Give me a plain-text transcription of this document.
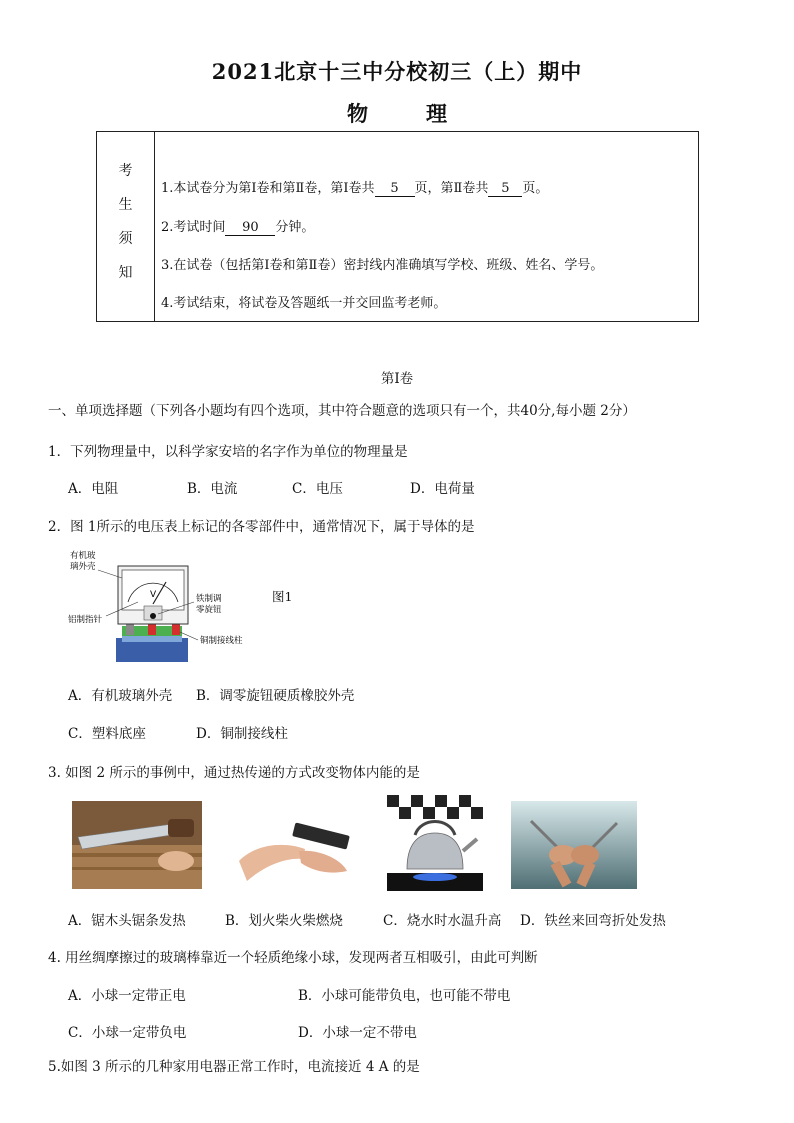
2021北京十三中分校初三（上）期中
物	理
考
生
须
知
1.本试卷分为第Ⅰ卷和第Ⅱ卷，第Ⅰ卷共 5 页，第Ⅱ卷共 5 页。
2.考试时间 90 分钟。
3.在试卷（包括第Ⅰ卷和第Ⅱ卷）密封线内准确填写学校、班级、姓名、学号。
4.考试结束，将试卷及答题纸一并交回监考老师。
第Ⅰ卷
一、单项选择题（下列各小题均有四个选项，其中符合题意的选项只有一个，共40分,每小题 2分）
1．下列物理量中，以科学家安培的名字作为单位的物理量是
A．电阻	B．电流	C．电压	D．电荷量
2．图 1所示的电压表上标记的各零部件中，通常情况下，属于导体的是
V
有机玻
璃外壳
铝制指针
铁制调
零旋钮
铜制接线柱
图1
A．有机玻璃外壳 B．调零旋钮硬质橡胶外壳
C．塑料底座	D．铜制接线柱
3. 如图 2 所示的事例中，通过热传递的方式改变物体内能的是
A．锯木头锯条发热	B．划火柴火柴燃烧	C．烧水时水温升高 D．铁丝来回弯折处发热
4. 用丝绸摩擦过的玻璃棒靠近一个轻质绝缘小球，发现两者互相吸引，由此可判断
A．小球一定带正电	B．小球可能带负电，也可能不带电
C．小球一定带负电	D．小球一定不带电
5.如图 3 所示的几种家用电器正常工作时，电流接近 4 A 的是
